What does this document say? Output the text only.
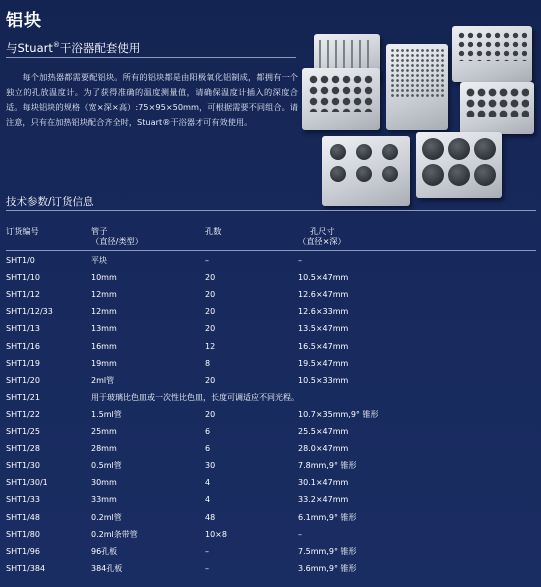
铝块
与Stuart®干浴器配套使用
每个加热器都需要配铝块。所有的铝块都是由阳极氧化铝制成，都拥有一个独立的孔放温度计。为了获得准确的温度测量值，请确保温度计插入的深度合适。每块铝块的规格（宽×深×高）:75×95×50mm，可根据需要不同组合。请注意，只有在加热铝块配合齐全时，Stuart®干浴器才可有效使用。
技术参数/订货信息
订货编号	管子
（直径/类型）
孔数	孔尺寸
（直径×深）
SHT1/0	平块	–	–
SHT1/10	10mm	20	10.5×47mm
SHT1/12	12mm	20	12.6×47mm
SHT1/12/33	12mm	20	12.6×33mm
SHT1/13	13mm	20	13.5×47mm
SHT1/16	16mm	12	16.5×47mm
SHT1/19	19mm	8	19.5×47mm
SHT1/20	2ml管	20	10.5×33mm
SHT1/21	用于玻璃比色皿或一次性比色皿，长度可调适应不同光程。
SHT1/22	1.5ml管	20	10.7×35mm,9° 锥形
SHT1/25	25mm	6	25.5×47mm
SHT1/28	28mm	6	28.0×47mm
SHT1/30	0.5ml管	30	7.8mm,9° 锥形
SHT1/30/1	30mm	4	30.1×47mm
SHT1/33	33mm	4	33.2×47mm
SHT1/48	0.2ml管	48	6.1mm,9° 锥形
SHT1/80	0.2ml条带管	10×8	–
SHT1/96	96孔板	–	7.5mm,9° 锥形
SHT1/384	384孔板	–	3.6mm,9° 锥形
